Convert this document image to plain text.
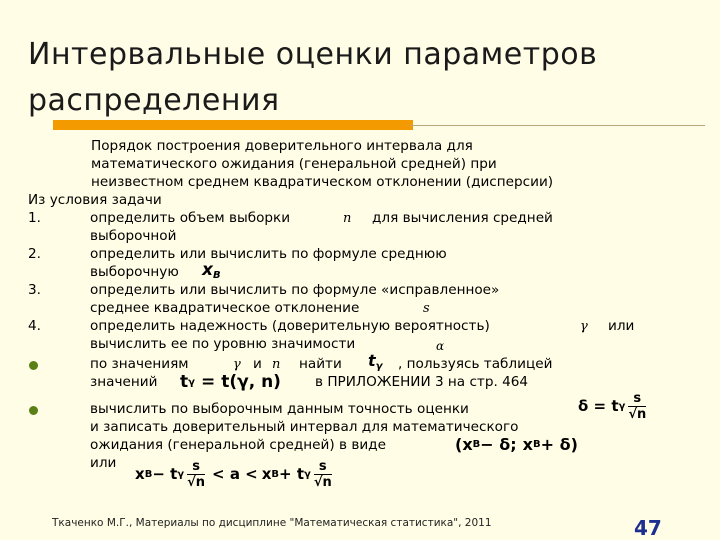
Интервальные оценки параметров
распределения
Порядок построения доверительного интервала для
математического ожидания (генеральной средней) при
неизвестном среднем квадратическом отклонении (дисперсии)
Из условия задачи
1.	определить объем выборки	n для вычисления средней
выборочной
2.	определить или вычислить по формуле среднюю
выборочную $x_B$
3.	определить или вычислить по формуле «исправленное»
среднее квадратическое отклонение	s
4.	определить надежность (доверительную вероятность)	γ или
вычислить ее по уровню значимости	α
по значениям	γ и n найти $t_\gamma$ , пользуясь таблицей
значений t γ = t (γ, n)	в ПРИЛОЖЕНИИ 3 на стр. 464
вычислить по выборочным данным точность оценки	δ = t γ $\frac{s}{√n}$
и записать доверительный интервал для математического
ожидания (генеральной средней) в виде	( x B − δ; x B + δ )
или
x B − t γ $\frac{s}{√n} < a < x$ B + t γ $\frac{s}{√n}$
Ткаченко М.Г., Материалы по дисциплине "Математическая статистика", 2011	47
